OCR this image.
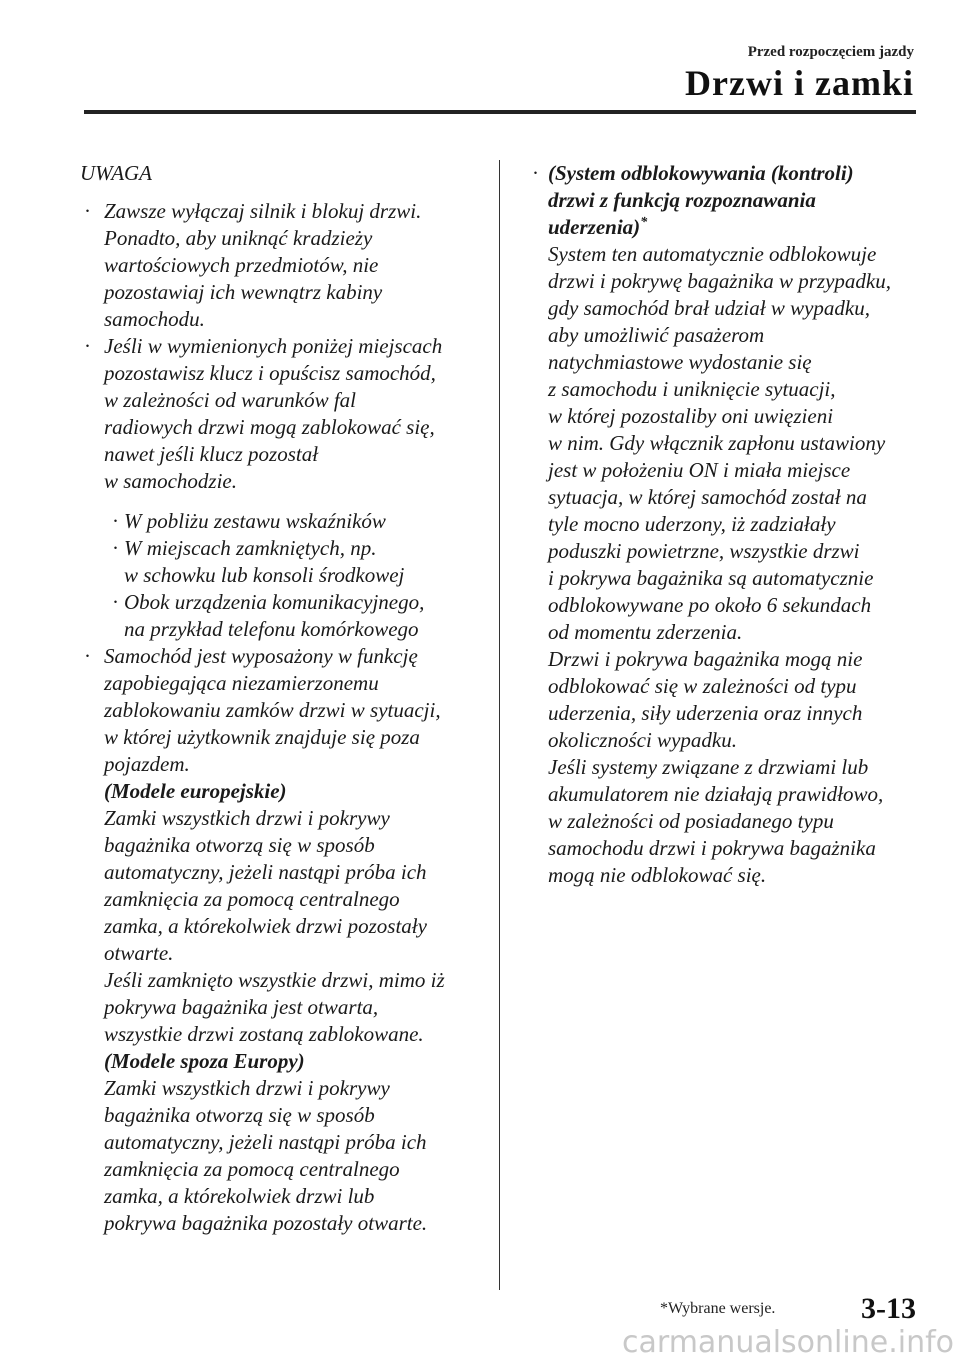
Przed rozpoczęciem jazdy
Drzwi i zamki
UWAGA
· Zawsze wyłączaj silnik i blokuj drzwi.
Ponadto, aby uniknąć kradzieży
wartościowych przedmiotów, nie
pozostawiaj ich wewnątrz kabiny
samochodu.
· Jeśli w wymienionych poniżej miejscach
pozostawisz klucz i opuścisz samochód,
w zależności od warunków fal
radiowych drzwi mogą zablokować się,
nawet jeśli klucz pozostał
w samochodzie.
· W pobliżu zestawu wskaźników
· W miejscach zamkniętych, np.
w schowku lub konsoli środkowej
· Obok urządzenia komunikacyjnego,
na przykład telefonu komórkowego
· Samochód jest wyposażony w funkcję
zapobiegająca niezamierzonemu
zablokowaniu zamków drzwi w sytuacji,
w której użytkownik znajduje się poza
pojazdem.
(Modele europejskie)
Zamki wszystkich drzwi i pokrywy
bagażnika otworzą się w sposób
automatyczny, jeżeli nastąpi próba ich
zamknięcia za pomocą centralnego
zamka, a którekolwiek drzwi pozostały
otwarte.
Jeśli zamknięto wszystkie drzwi, mimo iż
pokrywa bagażnika jest otwarta,
wszystkie drzwi zostaną zablokowane.
(Modele spoza Europy)
Zamki wszystkich drzwi i pokrywy
bagażnika otworzą się w sposób
automatyczny, jeżeli nastąpi próba ich
zamknięcia za pomocą centralnego
zamka, a którekolwiek drzwi lub
pokrywa bagażnika pozostały otwarte.
· (System odblokowywania (kontroli)
drzwi z funkcją rozpoznawania
uderzenia)*
System ten automatycznie odblokowuje
drzwi i pokrywę bagażnika w przypadku,
gdy samochód brał udział w wypadku,
aby umożliwić pasażerom
natychmiastowe wydostanie się
z samochodu i uniknięcie sytuacji,
w której pozostaliby oni uwięzieni
w nim. Gdy włącznik zapłonu ustawiony
jest w położeniu ON i miała miejsce
sytuacja, w której samochód został na
tyle mocno uderzony, iż zadziałały
poduszki powietrzne, wszystkie drzwi
i pokrywa bagażnika są automatycznie
odblokowywane po około 6 sekundach
od momentu zderzenia.
Drzwi i pokrywa bagażnika mogą nie
odblokować się w zależności od typu
uderzenia, siły uderzenia oraz innych
okoliczności wypadku.
Jeśli systemy związane z drzwiami lub
akumulatorem nie działają prawidłowo,
w zależności od posiadanego typu
samochodu drzwi i pokrywa bagażnika
mogą nie odblokować się.
*Wybrane wersje.	3-13
carmanualsonline.info
